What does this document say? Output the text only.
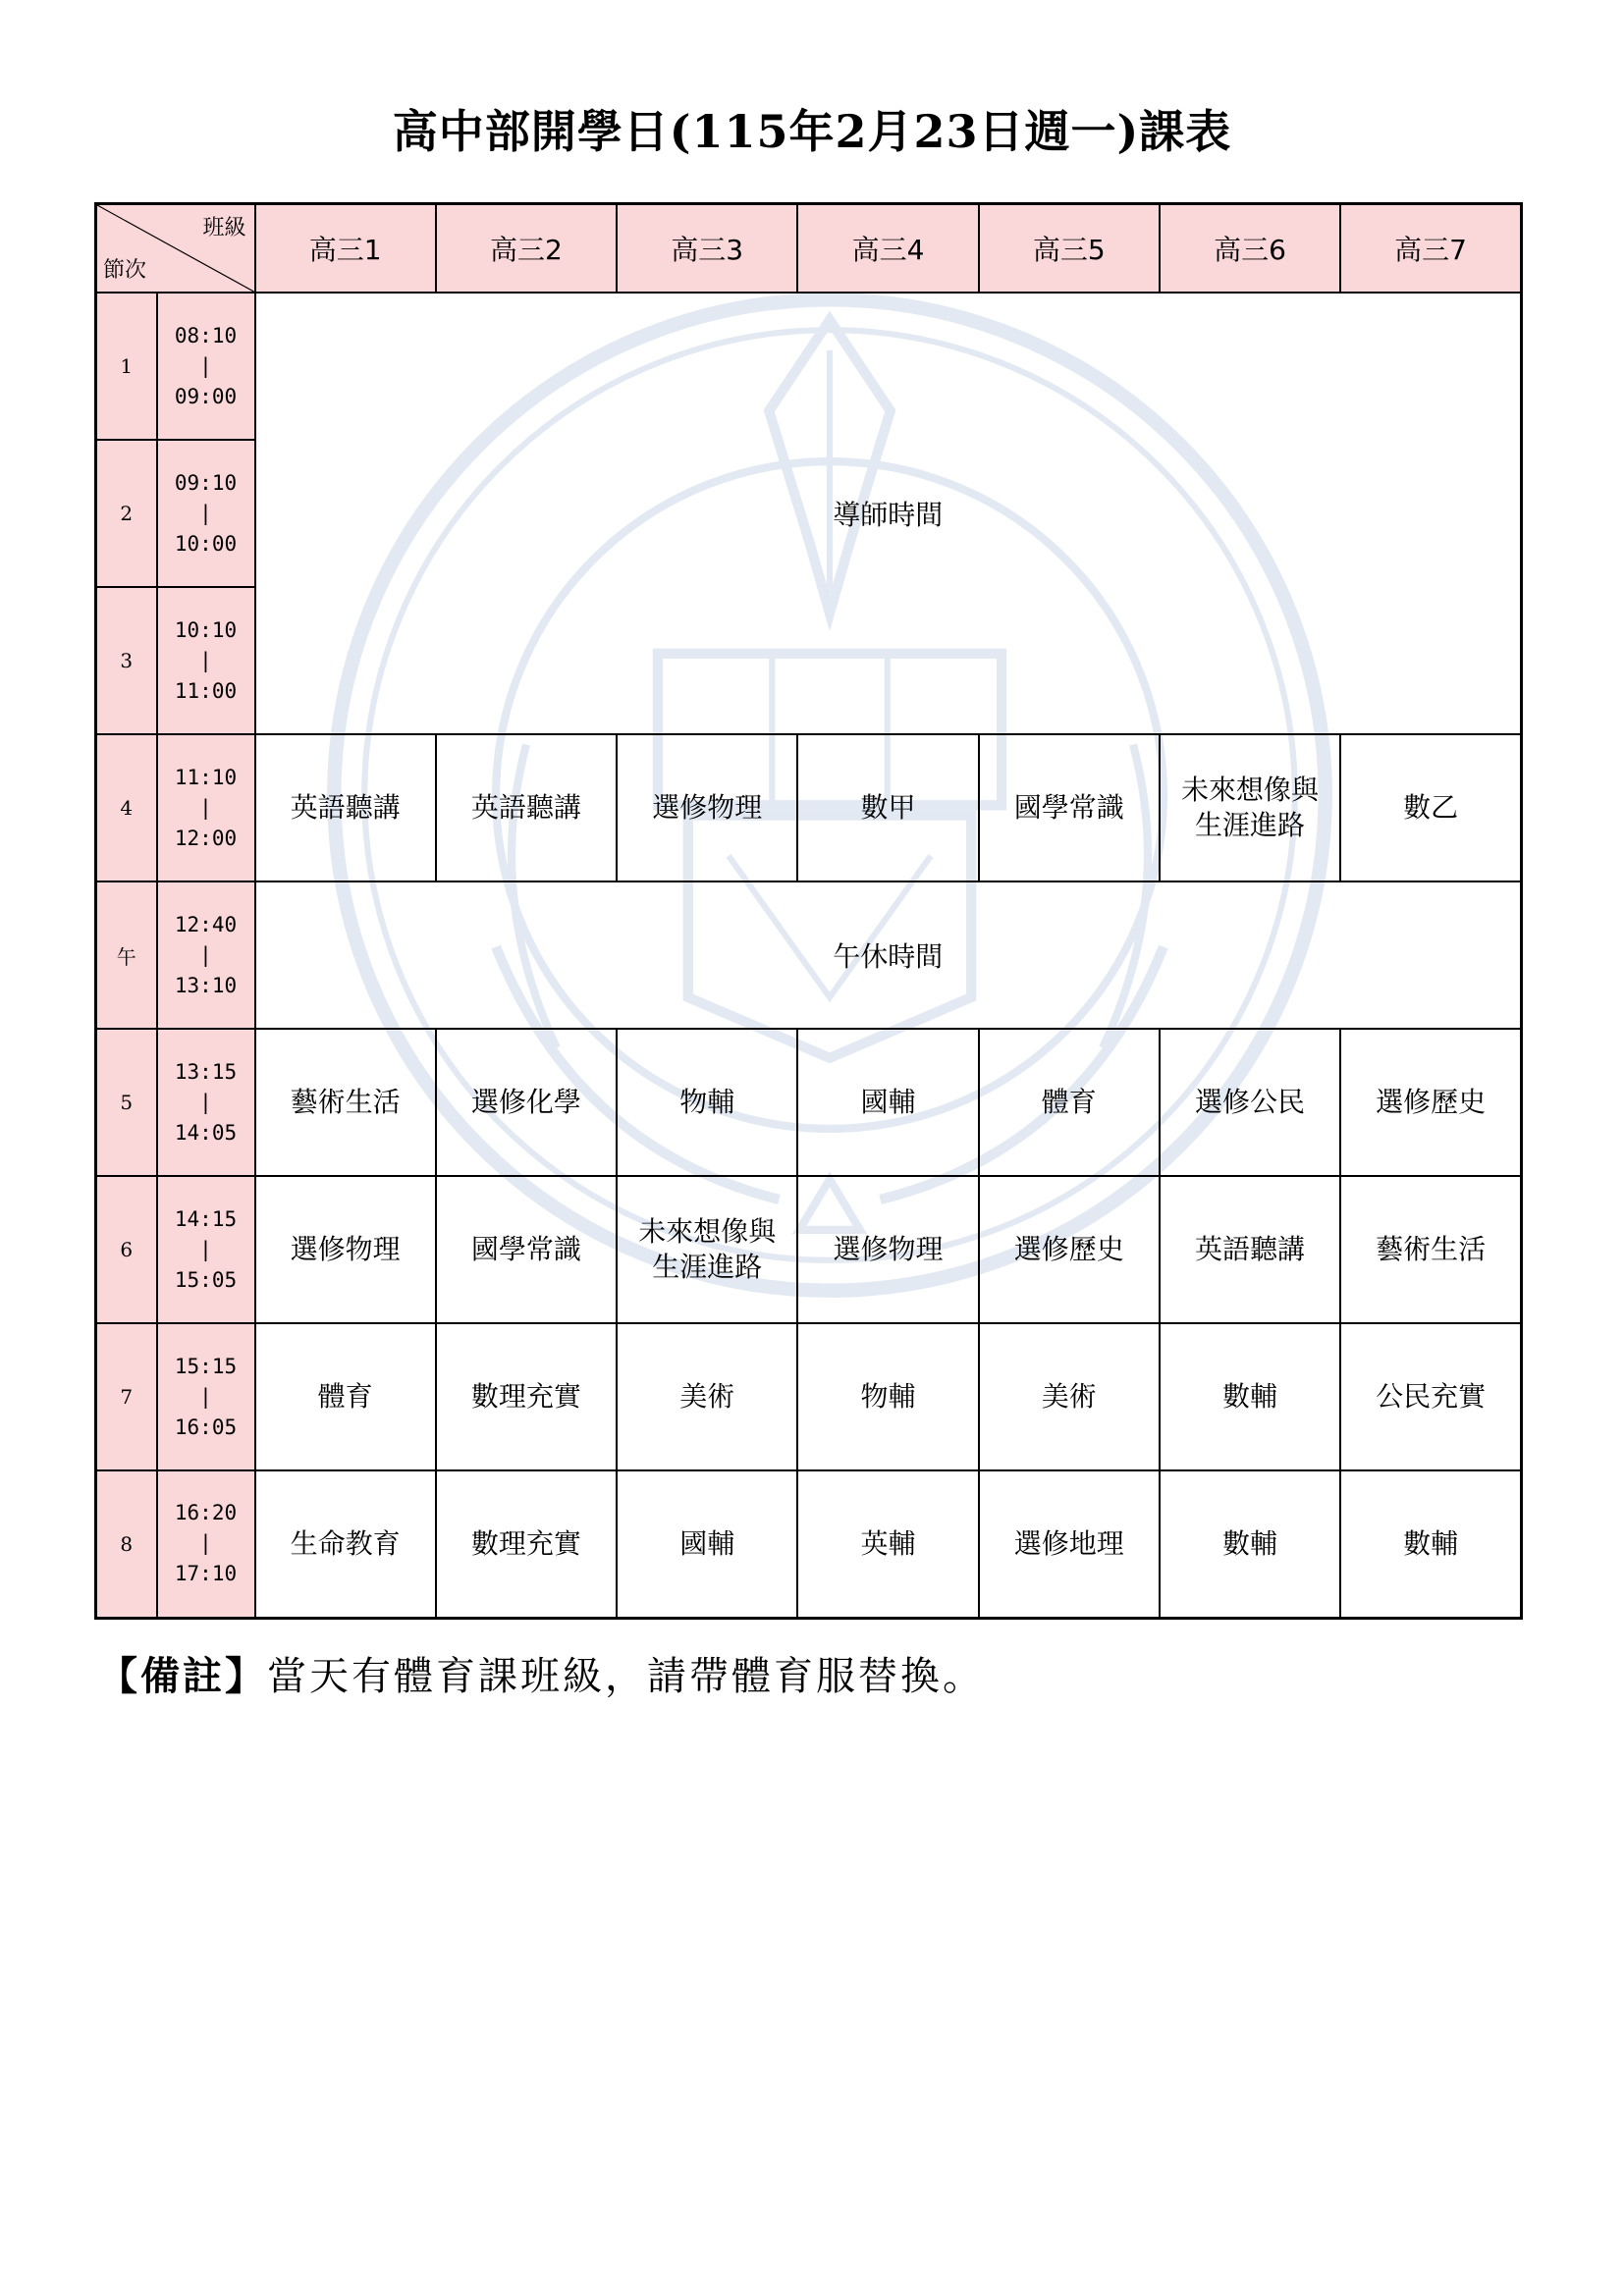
高中部開學日(115年2月23日週一)課表
班級
節次		高三1	高三2	高三3	高三4	高三5	高三6	高三7
1	08:10
|
09:00	導師時間						
2	09:10
|
10:00							

3	10:10
|
11:00							

4	11:10
|
12:00	英語聽講	英語聽講	選修物理	數甲	國學常識	未來想像與
生涯進路	數乙
午	12:40
|
13:10	午休時間						
5	13:15
|
14:05	藝術生活	選修化學	物輔	國輔	體育	選修公民	選修歷史
6	14:15
|
15:05	選修物理	國學常識	未來想像與
生涯進路	選修物理	選修歷史	英語聽講	藝術生活
7	15:15
|
16:05	體育	數理充實	美術	物輔	美術	數輔	公民充實
8	16:20
|
17:10	生命教育	數理充實	國輔	英輔	選修地理	數輔	數輔
【備註】當天有體育課班級，請帶體育服替換。
